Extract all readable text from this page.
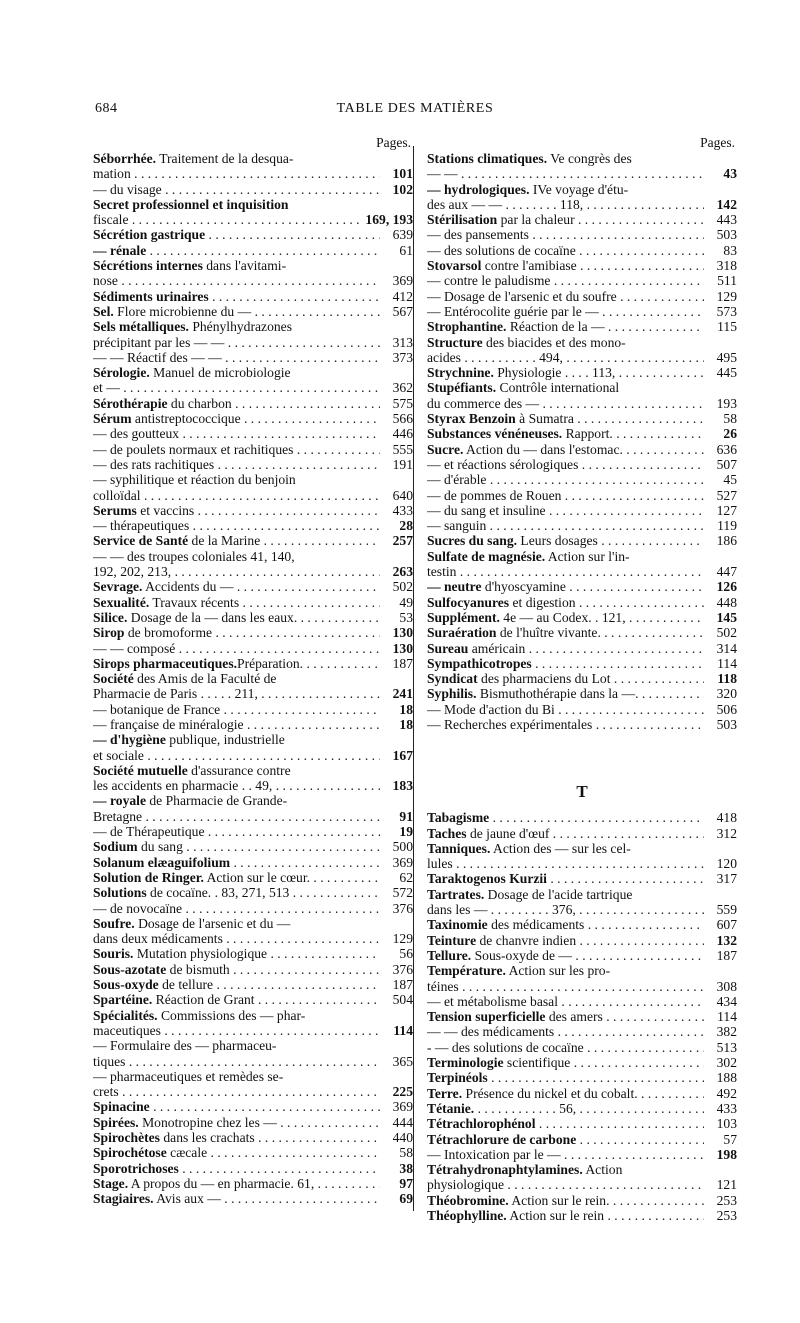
684	TABLE DES MATIÈRES
Pages.
Séborrhée. Traitement de la desqua-
mation . . .	101
— du visage . . .	102
Secret professionnel et inquisition
fiscale . . .	169, 193
Sécrétion gastrique . . .	639
— rénale . . .	61
Sécrétions internes dans l'avitami-
nose . . .	369
Sédiments urinaires . . .	412
Sel. Flore microbienne du — . . .	567
Sels métalliques. Phénylhydrazones
précipitant par les — — . . .	313
— — Réactif des — — . . .	373
Sérologie. Manuel de microbiologie
et — . . .	362
Sérothérapie du charbon . . .	575
Sérum antistreptococcique . . .	566
— des goutteux . . .	446
— de poulets normaux et rachitiques . . .	555
— des rats rachitiques . . .	191
— syphilitique et réaction du benjoin
colloïdal . . .	640
Serums et vaccins . . .	433
— thérapeutiques . . .	28
Service de Santé de la Marine . . .	257
— — des troupes coloniales 41, 140,
192, 202, 213, . . .	263
Sevrage. Accidents du — . . .	502
Sexualité. Travaux récents . . .	49
Silice. Dosage de la — dans les eaux. . . .	53
Sirop de bromoforme . . .	130
— — composé . . .	130
Sirops pharmaceutiques.Préparation. . . .	187
Société des Amis de la Faculté de
Pharmacie de Paris . . . . . 211, . . .	241
— botanique de France . . .	18
— française de minéralogie . . .	18
— d'hygiène publique, industrielle
et sociale . . .	167
Société mutuelle d'assurance contre
les accidents en pharmacie . . 49, . . .	183
— royale de Pharmacie de Grande-
Bretagne . . .	91
— de Thérapeutique . . .	19
Sodium du sang . . .	500
Solanum elæaguifolium . . .	369
Solution de Ringer. Action sur le cœur. . . .	62
Solutions de cocaïne. . 83, 271, 513 . . .	572
— de novocaïne . . .	376
Soufre. Dosage de l'arsenic et du —
dans deux médicaments . . .	129
Souris. Mutation physiologique . . .	56
Sous-azotate de bismuth . . .	376
Sous-oxyde de tellure . . .	187
Spartéine. Réaction de Grant . . .	504
Spécialités. Commissions des — phar-
maceutiques . . .	114
— Formulaire des — pharmaceu-
tiques . . .	365
— pharmaceutiques et remèdes se-
crets . . .	225
Spinacine . . .	369
Spirées. Monotropine chez les — . . .	444
Spirochètes dans les crachats . . .	440
Spirochétose cæcale . . .	58
Sporotrichoses . . .	38
Stage. A propos du — en pharmacie. 61, . . .	97
Stagiaires. Avis aux — . . .	69
Pages.
Stations climatiques. Ve congrès des
— — . . .	43
— hydrologiques. IVe voyage d'étu-
des aux — — . . . . . . . . 118, . . .	142
Stérilisation par la chaleur . . .	443
— des pansements . . .	503
— des solutions de cocaïne . . .	83
Stovarsol contre l'amibiase . . .	318
— contre le paludisme . . .	511
— Dosage de l'arsenic et du soufre . . . .	129
— Entérocolite guérie par le — . . .	573
Strophantine. Réaction de la — . . .	115
Structure des biacides et des mono-
acides . . . . . . . . . . . 494, . . .	495
Strychnine. Physiologie . . . . 113, . . .	445
Stupéfiants. Contrôle international
du commerce des — . . .	193
Styrax Benzoin à Sumatra . . .	58
Substances vénéneuses. Rapport. . . . .	26
Sucre. Action du — dans l'estomac. . . .	636
— et réactions sérologiques . . .	507
— d'érable . . .	45
— de pommes de Rouen . . .	527
— du sang et insuline . . .	127
— sanguin . . .	119
Sucres du sang. Leurs dosages . . . . . .	186
Sulfate de magnésie. Action sur l'in-
testin . . .	447
— neutre d'hyoscyamine . . .	126
Sulfocyanures et digestion . . .	448
Supplément. 4e — au Codex. . 121, . . .	145
Suraération de l'huître vivante. . . . . .	502
Sureau américain . . .	314
Sympathicotropes . . .	114
Syndicat des pharmaciens du Lot . . . .	118
Syphilis. Bismuthothérapie dans la —. . . .	320
— Mode d'action du Bi . . .	506
— Recherches expérimentales . . .	503
T
Tabagisme . . .	418
Taches de jaune d'œuf . . .	312
Tanniques. Action des — sur les cel-
lules . . .	120
Taraktogenos Kurzii . . .	317
Tartrates. Dosage de l'acide tartrique
dans les — . . . . . . . . . 376, . . .	559
Taxinomie des médicaments . . .	607
Teinture de chanvre indien . . .	132
Tellure. Sous-oxyde de — . . .	187
Température. Action sur les pro-
téines . . .	308
— et métabolisme basal . . .	434
Tension superficielle des amers . . . . .	114
— — des médicaments . . .	382
- — des solutions de cocaïne . . . . . .	513
Terminologie scientifique . . .	302
Terpinéols . . .	188
Terre. Présence du nickel et du cobalt. . . .	492
Tétanie. . . . . . . . . . . . . 56, . . .	433
Tétrachlorophénol . . .	103
Tétrachlorure de carbone . . .	57
— Intoxication par le — . . .	198
Tétrahydronaphtylamines. Action
physiologique . . .	121
Théobromine. Action sur le rein. . . . .	253
Théophylline. Action sur le rein . . . . .	253
